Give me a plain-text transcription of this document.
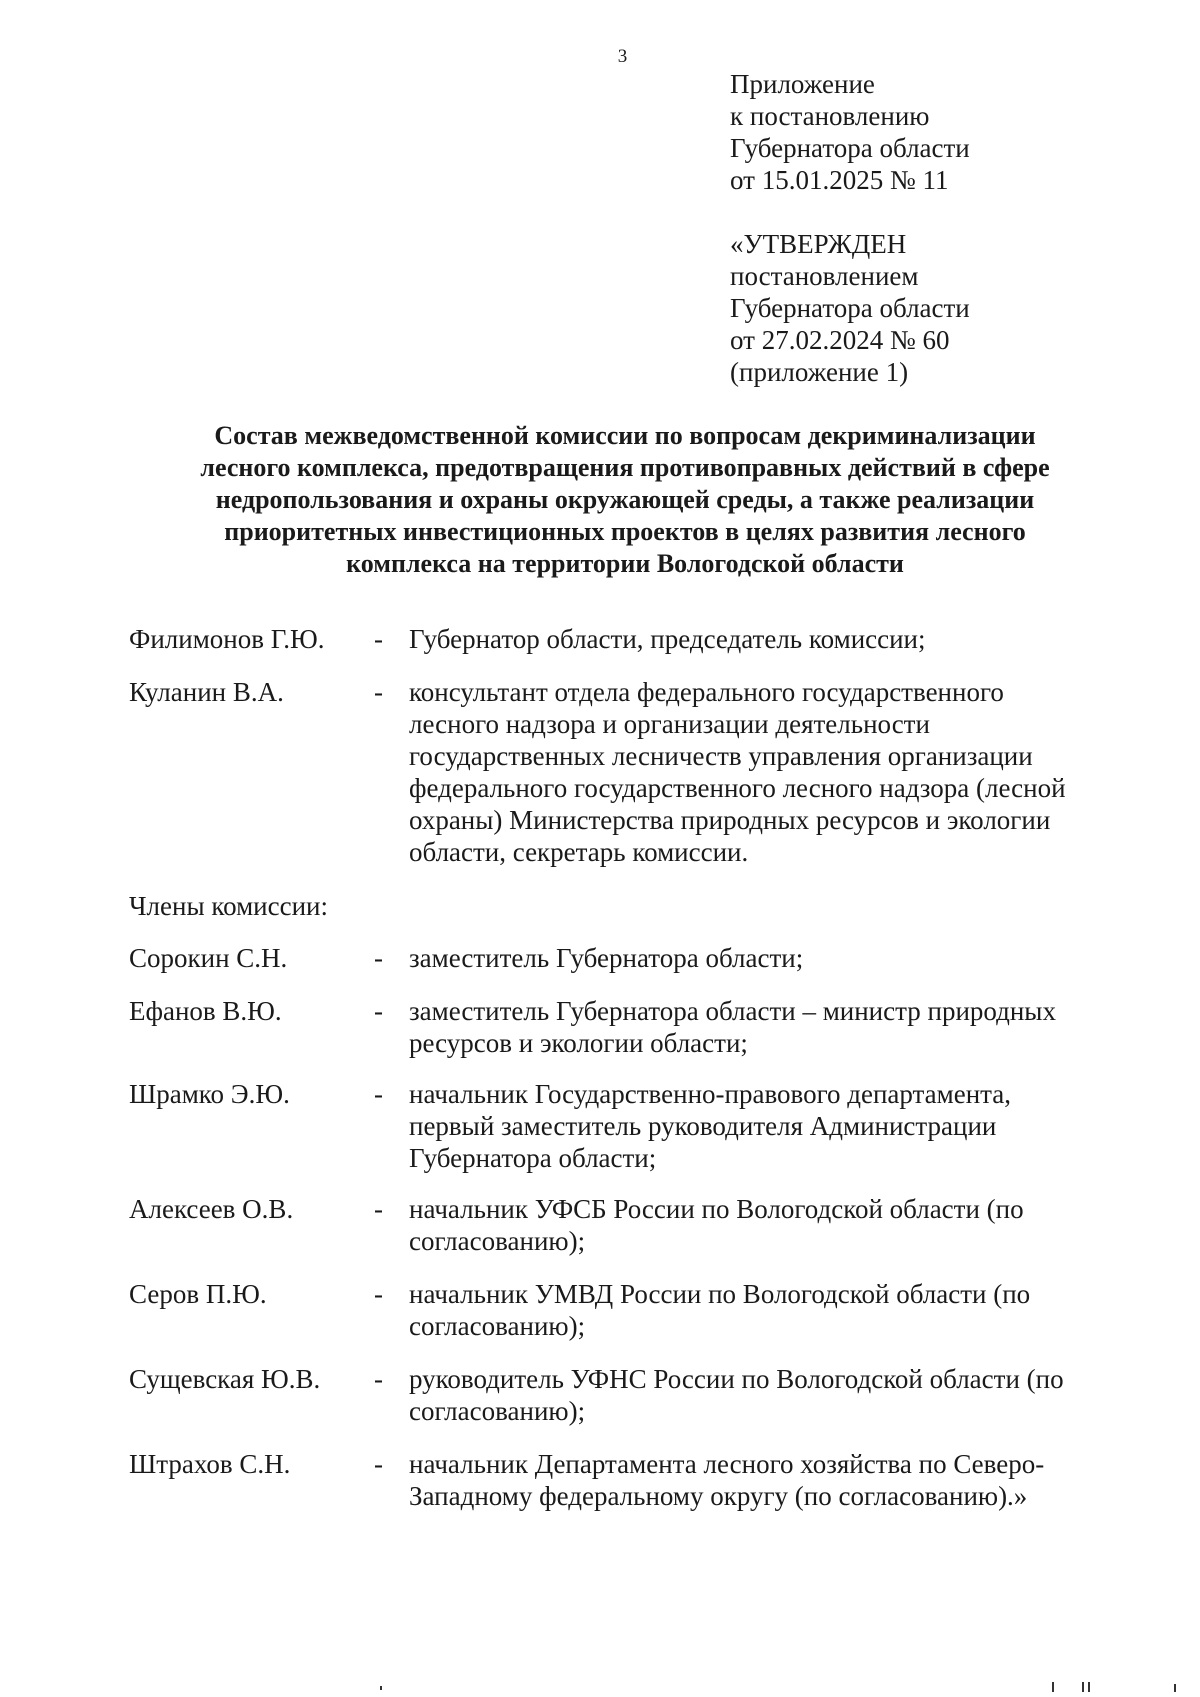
3
Приложение
к постановлению
Губернатора области
от 15.01.2025 № 11
«УТВЕРЖДЕН
постановлением
Губернатора области
от 27.02.2024 № 60
(приложение 1)
Состав межведомственной комиссии по вопросам декриминализации
лесного комплекса, предотвращения противоправных действий в сфере
недропользования и охраны окружающей среды, а также реализации
приоритетных инвестиционных проектов в целях развития лесного
комплекса на территории Вологодской области
Филимонов Г.Ю. - Губернатор области, председатель комиссии;
Куланин В.А.	- консультант отдела федерального государственного
лесного надзора и организации деятельности
государственных лесничеств управления организации
федерального государственного лесного надзора (лесной
охраны) Министерства природных ресурсов и экологии
области, секретарь комиссии.
Члены комиссии:
Сорокин С.Н.	- заместитель Губернатора области;
Ефанов В.Ю.	- заместитель Губернатора области – министр природных
ресурсов и экологии области;
Шрамко Э.Ю.	- начальник Государственно-правового департамента,
первый заместитель руководителя Администрации
Губернатора области;
Алексеев О.В.	- начальник УФСБ России по Вологодской области (по
согласованию);
Серов П.Ю.	- начальник УМВД России по Вологодской области (по
согласованию);
Сущевская Ю.В. - руководитель УФНС России по Вологодской области (по
согласованию);
Штрахов С.Н.	- начальник Департамента лесного хозяйства по Северо-
Западному федеральному округу (по согласованию).»
